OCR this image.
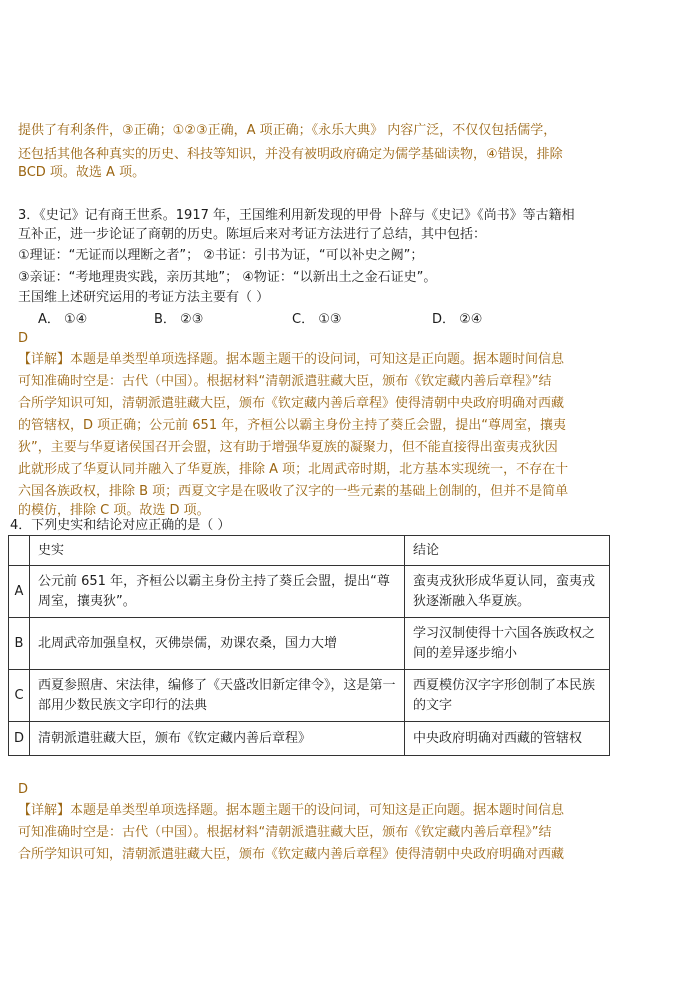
提供了有利条件，③正确；①②③正确，A 项正确；《永乐大典》 内容广泛，不仅仅包括儒学，
还包括其他各种真实的历史、科技等知识，并没有被明政府确定为儒学基础读物，④错误，排除
BCD 项。故选 A 项。
3．《史记》记有商王世系。1917 年，王国维利用新发现的甲骨 卜辞与《史记》《尚书》等古籍相
互补正，进一步论证了商朝的历史。陈垣后来对考证方法进行了总结，其中包括：
①理证：“无证而以理断之者”； ②书证：引书为证，“可以补史之阙”；
③亲证：“考地理贵实践，亲历其地”； ④物证：“以新出土之金石证史”。
王国维上述研究运用的考证方法主要有（ ）
A． ①④	B． ②③	C． ①③	D． ②④
D
【详解】本题是单类型单项选择题。据本题主题干的设问词，可知这是正向题。据本题时间信息
可知准确时空是：古代（中国）。根据材料“清朝派遣驻藏大臣，颁布《钦定藏内善后章程》”结
合所学知识可知，清朝派遣驻藏大臣，颁布《钦定藏内善后章程》使得清朝中央政府明确对西藏
的管辖权，D 项正确；公元前 651 年，齐桓公以霸主身份主持了葵丘会盟，提出“尊周室，攘夷
狄”，主要与华夏诸侯国召开会盟，这有助于增强华夏族的凝聚力，但不能直接得出蛮夷戎狄因
此就形成了华夏认同并融入了华夏族，排除 A 项；北周武帝时期，北方基本实现统一，不存在十
六国各族政权，排除 B 项；西夏文字是在吸收了汉字的一些元素的基础上创制的，但并不是简单
的模仿，排除 C 项。故选 D 项。
4．下列史实和结论对应正确的是（ ）
	史实	结论
A	公元前 651 年，齐桓公以霸主身份主持了葵丘会盟，提出“尊周室，攘夷狄”。	蛮夷戎狄形成华夏认同，蛮夷戎狄逐渐融入华夏族。
B	北周武帝加强皇权，灭佛崇儒，劝课农桑，国力大增	学习汉制使得十六国各族政权之间的差异逐步缩小
C	西夏参照唐、宋法律，编修了《天盛改旧新定律令》，这是第一部用少数民族文字印行的法典	西夏模仿汉字字形创制了本民族的文字
D	清朝派遣驻藏大臣，颁布《钦定藏内善后章程》	中央政府明确对西藏的管辖权
D
【详解】本题是单类型单项选择题。据本题主题干的设问词，可知这是正向题。据本题时间信息
可知准确时空是：古代（中国）。根据材料“清朝派遣驻藏大臣，颁布《钦定藏内善后章程》”结
合所学知识可知，清朝派遣驻藏大臣，颁布《钦定藏内善后章程》使得清朝中央政府明确对西藏
